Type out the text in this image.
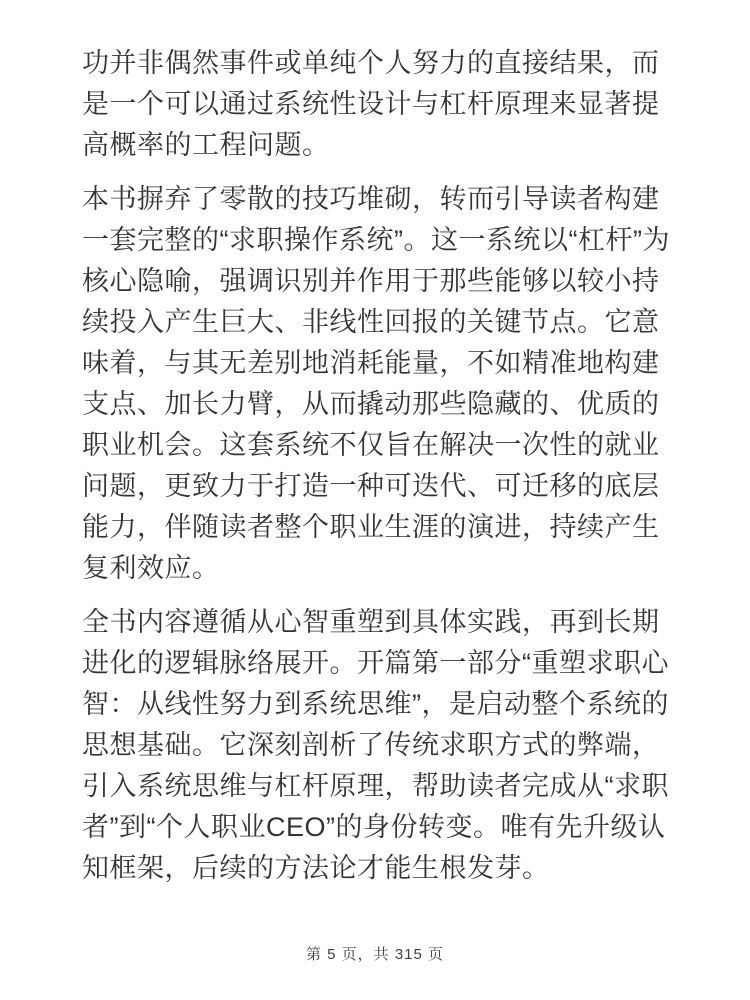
功并非偶然事件或单纯个人努力的直接结果，而是一个可以通过系统性设计与杠杆原理来显著提高概率的工程问题。

本书摒弃了零散的技巧堆砌，转而引导读者构建一套完整的“求职操作系统”。这一系统以“杠杆”为核心隐喻，强调识别并作用于那些能够以较小持续投入产生巨大、非线性回报的关键节点。它意味着，与其无差别地消耗能量，不如精准地构建支点、加长力臂，从而撬动那些隐藏的、优质的职业机会。这套系统不仅旨在解决一次性的就业问题，更致力于打造一种可迭代、可迁移的底层能力，伴随读者整个职业生涯的演进，持续产生复利效应。

全书内容遵循从心智重塑到具体实践，再到长期进化的逻辑脉络展开。开篇第一部分“重塑求职心智：从线性努力到系统思维”，是启动整个系统的思想基础。它深刻剖析了传统求职方式的弊端，引入系统思维与杠杆原理，帮助读者完成从“求职者”到“个人职业CEO”的身份转变。唯有先升级认知框架，后续的方法论才能生根发芽。

第 5 页，共 315 页
